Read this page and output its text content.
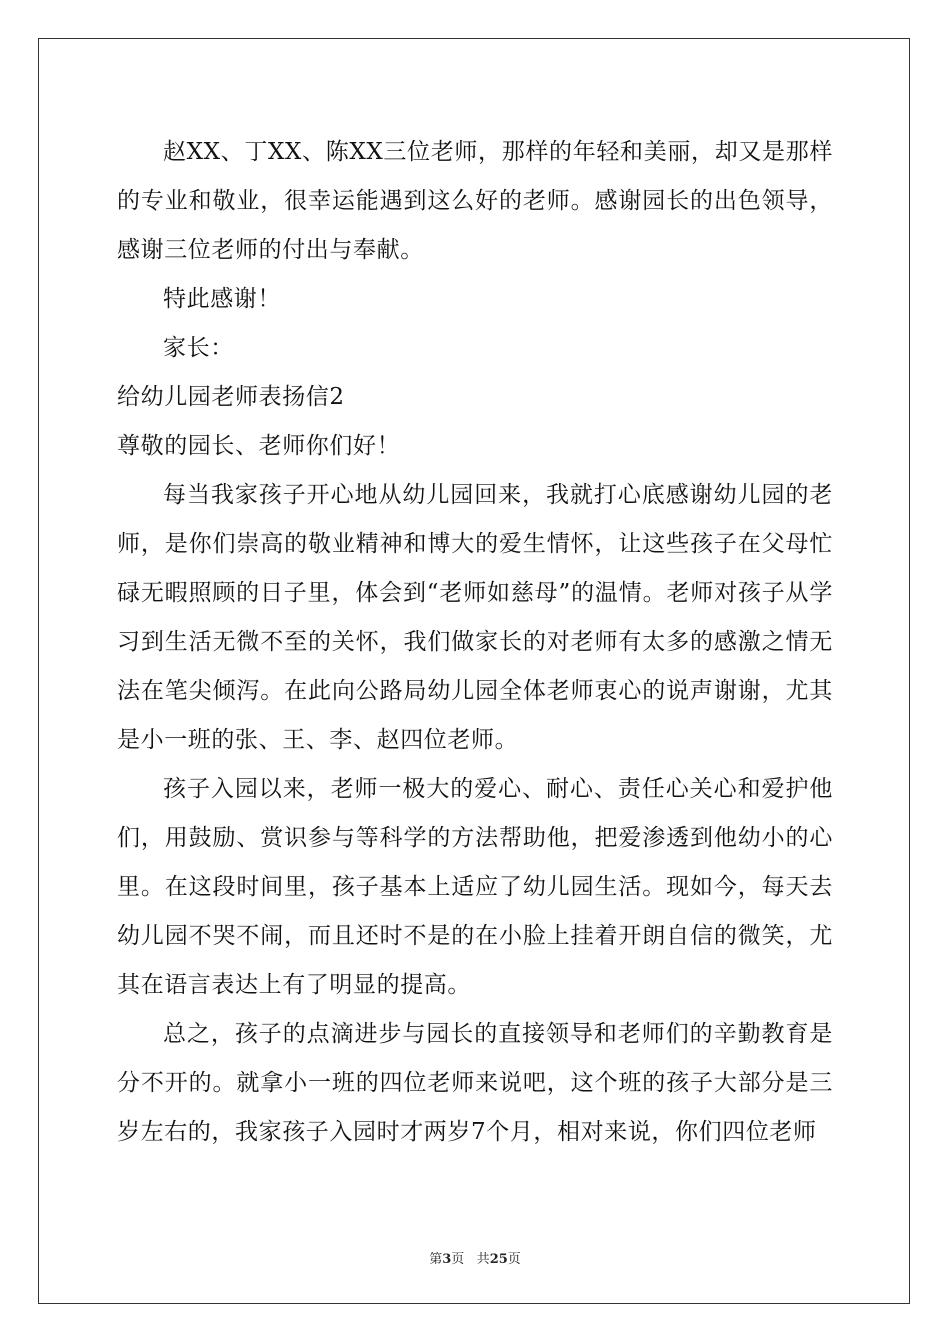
赵XX、丁XX、陈XX三位老师，那样的年轻和美丽，却又是那样的专业和敬业，很幸运能遇到这么好的老师。感谢园长的出色领导，感谢三位老师的付出与奉献。

特此感谢！

家长：

给幼儿园老师表扬信2

尊敬的园长、老师你们好！

每当我家孩子开心地从幼儿园回来，我就打心底感谢幼儿园的老师，是你们崇高的敬业精神和博大的爱生情怀，让这些孩子在父母忙碌无暇照顾的日子里，体会到“老师如慈母”的温情。老师对孩子从学习到生活无微不至的关怀，我们做家长的对老师有太多的感激之情无法在笔尖倾泻。在此向公路局幼儿园全体老师衷心的说声谢谢，尤其是小一班的张、王、李、赵四位老师。

孩子入园以来，老师一极大的爱心、耐心、责任心关心和爱护他们，用鼓励、赏识参与等科学的方法帮助他，把爱渗透到他幼小的心里。在这段时间里，孩子基本上适应了幼儿园生活。现如今，每天去幼儿园不哭不闹，而且还时不是的在小脸上挂着开朗自信的微笑，尤其在语言表达上有了明显的提高。

总之，孩子的点滴进步与园长的直接领导和老师们的辛勤教育是分不开的。就拿小一班的四位老师来说吧，这个班的孩子大部分是三岁左右的，我家孩子入园时才两岁7个月，相对来说，你们四位老师

第3页 共25页
